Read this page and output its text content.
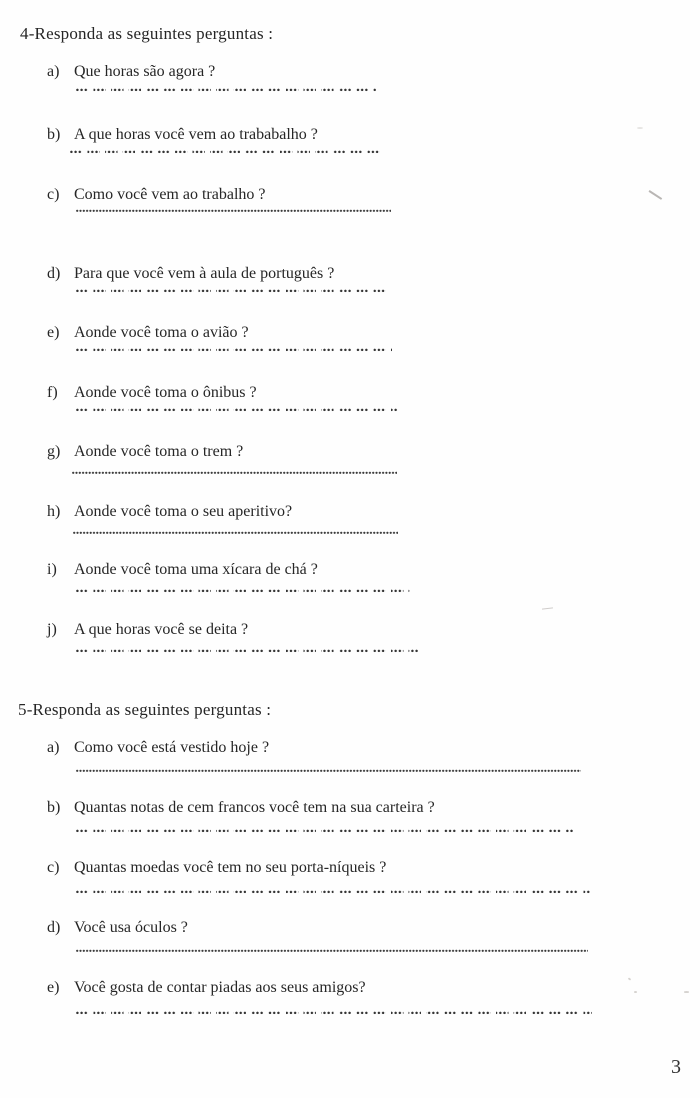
4-Responda as seguintes perguntas :
a) Que horas são agora ?
b) A que horas você vem ao trababalho ?
c) Como você vem ao trabalho ?
d) Para que você vem à aula de português ?
e) Aonde você toma o avião ?
f) Aonde você toma o ônibus ?
g) Aonde você toma o trem ?
h) Aonde você toma o seu aperitivo?
i) Aonde você toma uma xícara de chá ?
j) A que horas você se deita ?
5-Responda as seguintes perguntas :
a) Como você está vestido hoje ?
b) Quantas notas de cem francos você tem na sua carteira ?
c) Quantas moedas você tem no seu porta-níqueis ?
d) Você usa óculos ?
e) Você gosta de contar piadas aos seus amigos?
3
